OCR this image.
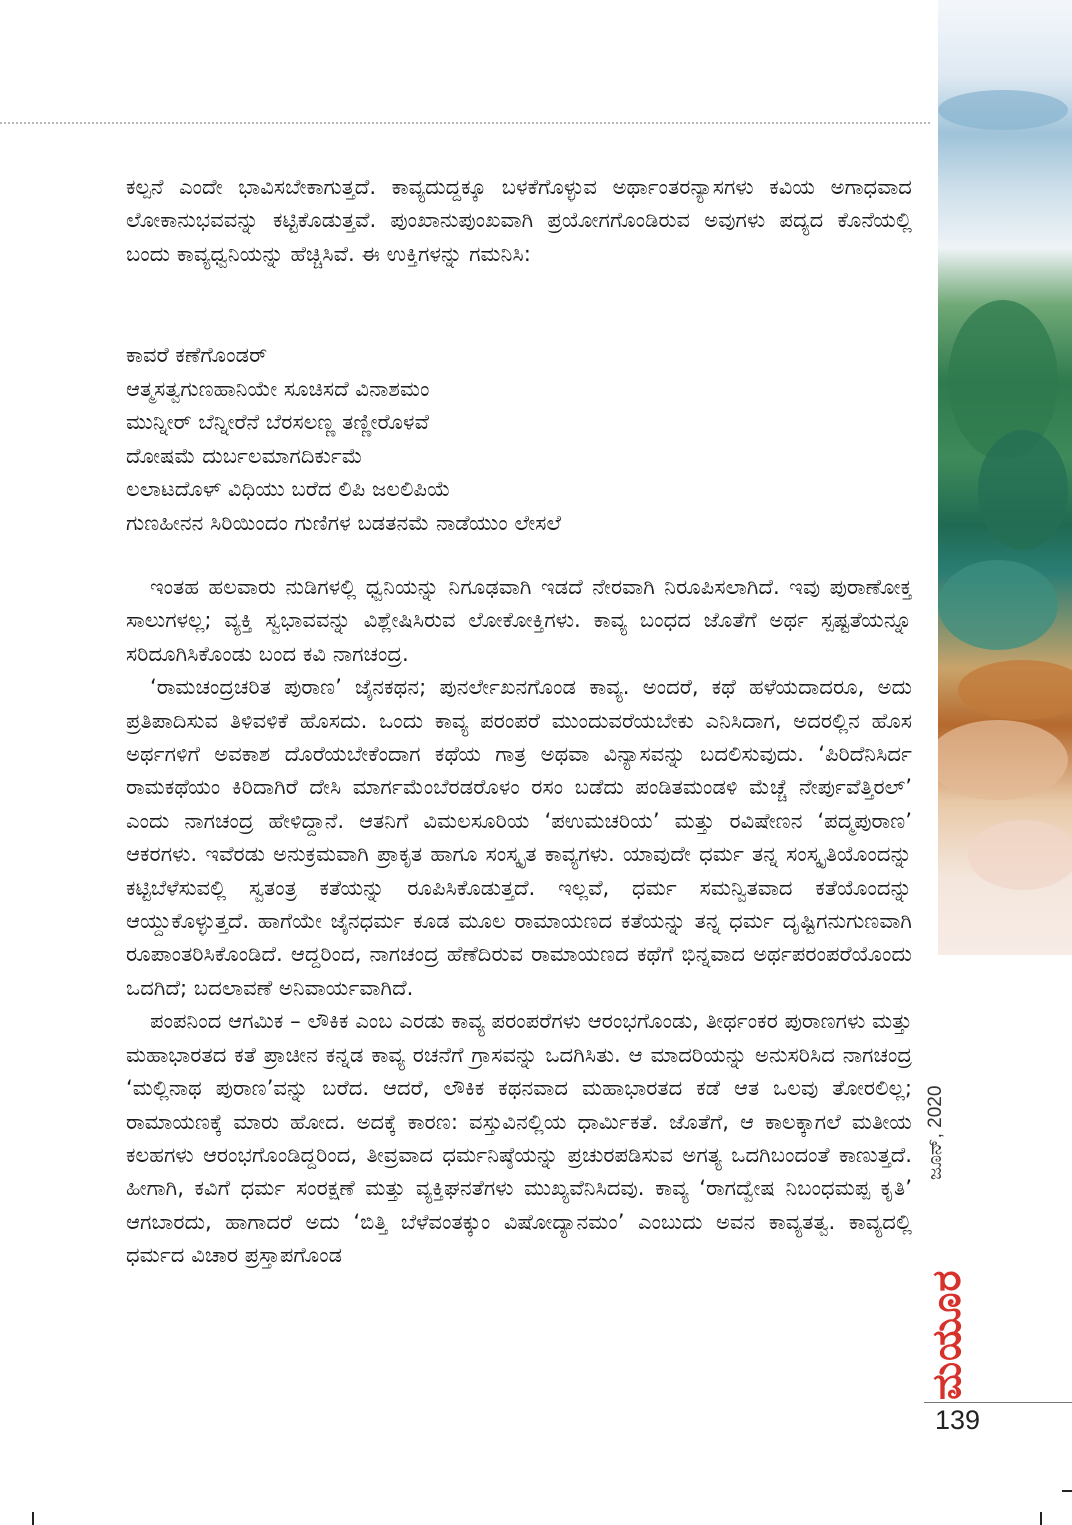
ಕಲ್ಪನೆ ಎಂದೇ ಭಾವಿಸಬೇಕಾಗುತ್ತದೆ. ಕಾವ್ಯದುದ್ದಕ್ಕೂ ಬಳಕೆಗೊಳ್ಳುವ ಅರ್ಥಾಂತರನ್ಯಾಸಗಳು ಕವಿಯ ಅಗಾಧವಾದ ಲೋಕಾನುಭವವನ್ನು ಕಟ್ಟಿಕೊಡುತ್ತವೆ. ಪುಂಖಾನುಪುಂಖವಾಗಿ ಪ್ರಯೋಗಗೊಂಡಿರುವ ಅವುಗಳು ಪದ್ಯದ ಕೊನೆಯಲ್ಲಿ ಬಂದು ಕಾವ್ಯಧ್ವನಿಯನ್ನು ಹೆಚ್ಚಿಸಿವೆ. ಈ ಉಕ್ತಿಗಳನ್ನು ಗಮನಿಸಿ:

ಕಾವರೆ ಕಣೆಗೊಂಡರ್
ಆತ್ಮಸತ್ವಗುಣಹಾನಿಯೇ ಸೂಚಿಸದೆ ವಿನಾಶಮಂ
ಮುನ್ನೀರ್ ಬೆನ್ನೀರೆನೆ ಬೆರಸಲಣ್ಣ ತಣ್ಣೀರೊಳವೆ
ದೋಷಮೆ ದುರ್ಬಲಮಾಗದಿರ್ಕುಮೆ
ಲಲಾಟದೊಳ್ ವಿಧಿಯು ಬರೆದ ಲಿಪಿ ಜಲಲಿಪಿಯೆ
ಗುಣಹೀನನ ಸಿರಿಯಿಂದಂ ಗುಣಿಗಳ ಬಡತನಮೆ ನಾಡೆಯುಂ ಲೇಸಲೆ

ಇಂತಹ ಹಲವಾರು ನುಡಿಗಳಲ್ಲಿ ಧ್ವನಿಯನ್ನು ನಿಗೂಢವಾಗಿ ಇಡದೆ ನೇರವಾಗಿ ನಿರೂಪಿಸಲಾಗಿದೆ. ಇವು ಪುರಾಣೋಕ್ತ ಸಾಲುಗಳಲ್ಲ; ವ್ಯಕ್ತಿ ಸ್ವಭಾವವನ್ನು ವಿಶ್ಲೇಷಿಸಿರುವ ಲೋಕೋಕ್ತಿಗಳು. ಕಾವ್ಯ ಬಂಧದ ಜೊತೆಗೆ ಅರ್ಥ ಸ್ಪಷ್ಟತೆಯನ್ನೂ ಸರಿದೂಗಿಸಿಕೊಂಡು ಬಂದ ಕವಿ ನಾಗಚಂದ್ರ.

‘ರಾಮಚಂದ್ರಚರಿತ ಪುರಾಣ’ ಜೈನಕಥನ; ಪುನರ್ಲೇಖನಗೊಂಡ ಕಾವ್ಯ. ಅಂದರೆ, ಕಥೆ ಹಳೆಯದಾದರೂ, ಅದು ಪ್ರತಿಪಾದಿಸುವ ತಿಳಿವಳಿಕೆ ಹೊಸದು. ಒಂದು ಕಾವ್ಯ ಪರಂಪರೆ ಮುಂದುವರೆಯಬೇಕು ಎನಿಸಿದಾಗ, ಅದರಲ್ಲಿನ ಹೊಸ ಅರ್ಥಗಳಿಗೆ ಅವಕಾಶ ದೊರೆಯಬೇಕೆಂದಾಗ ಕಥೆಯ ಗಾತ್ರ ಅಥವಾ ವಿನ್ಯಾಸವನ್ನು ಬದಲಿಸುವುದು. ‘ಪಿರಿದೆನಿಸಿರ್ದ ರಾಮಕಥೆಯಂ ಕಿರಿದಾಗಿರೆ ದೇಸಿ ಮಾರ್ಗಮೆಂಬೆರಡರೊಳಂ ರಸಂ ಬಡೆದು ಪಂಡಿತಮಂಡಳಿ ಮೆಚ್ಚೆ ನೇರ್ಪುವೆತ್ತಿರಲ್’ ಎಂದು ನಾಗಚಂದ್ರ ಹೇಳಿದ್ದಾನೆ. ಆತನಿಗೆ ವಿಮಲಸೂರಿಯ ‘ಪಉಮಚರಿಯ’ ಮತ್ತು ರವಿಷೇಣನ ‘ಪದ್ಮಪುರಾಣ’ ಆಕರಗಳು. ಇವೆರಡು ಅನುಕ್ರಮವಾಗಿ ಪ್ರಾಕೃತ ಹಾಗೂ ಸಂಸ್ಕೃತ ಕಾವ್ಯಗಳು. ಯಾವುದೇ ಧರ್ಮ ತನ್ನ ಸಂಸ್ಕೃತಿಯೊಂದನ್ನು ಕಟ್ಟಿಬೆಳೆಸುವಲ್ಲಿ ಸ್ವತಂತ್ರ ಕತೆಯನ್ನು ರೂಪಿಸಿಕೊಡುತ್ತದೆ. ಇಲ್ಲವೆ, ಧರ್ಮ ಸಮನ್ವಿತವಾದ ಕತೆಯೊಂದನ್ನು ಆಯ್ದುಕೊಳ್ಳುತ್ತದೆ. ಹಾಗೆಯೇ ಜೈನಧರ್ಮ ಕೂಡ ಮೂಲ ರಾಮಾಯಣದ ಕತೆಯನ್ನು ತನ್ನ ಧರ್ಮ ದೃಷ್ಟಿಗನುಗುಣವಾಗಿ ರೂಪಾಂತರಿಸಿಕೊಂಡಿದೆ. ಆದ್ದರಿಂದ, ನಾಗಚಂದ್ರ ಹೆಣೆದಿರುವ ರಾಮಾಯಣದ ಕಥೆಗೆ ಭಿನ್ನವಾದ ಅರ್ಥಪರಂಪರೆಯೊಂದು ಒದಗಿದೆ; ಬದಲಾವಣೆ ಅನಿವಾರ್ಯವಾಗಿದೆ.

ಪಂಪನಿಂದ ಆಗಮಿಕ – ಲೌಕಿಕ ಎಂಬ ಎರಡು ಕಾವ್ಯ ಪರಂಪರೆಗಳು ಆರಂಭಗೊಂಡು, ತೀರ್ಥಂಕರ ಪುರಾಣಗಳು ಮತ್ತು ಮಹಾಭಾರತದ ಕತೆ ಪ್ರಾಚೀನ ಕನ್ನಡ ಕಾವ್ಯ ರಚನೆಗೆ ಗ್ರಾಸವನ್ನು ಒದಗಿಸಿತು. ಆ ಮಾದರಿಯನ್ನು ಅನುಸರಿಸಿದ ನಾಗಚಂದ್ರ ‘ಮಲ್ಲಿನಾಥ ಪುರಾಣ’ವನ್ನು ಬರೆದ. ಆದರೆ, ಲೌಕಿಕ ಕಥನವಾದ ಮಹಾಭಾರತದ ಕಡೆ ಆತ ಒಲವು ತೋರಲಿಲ್ಲ; ರಾಮಾಯಣಕ್ಕೆ ಮಾರು ಹೋದ. ಅದಕ್ಕೆ ಕಾರಣ: ವಸ್ತುವಿನಲ್ಲಿಯ ಧಾರ್ಮಿಕತೆ. ಜೊತೆಗೆ, ಆ ಕಾಲಕ್ಕಾಗಲೆ ಮತೀಯ ಕಲಹಗಳು ಆರಂಭಗೊಂಡಿದ್ದರಿಂದ, ತೀವ್ರವಾದ ಧರ್ಮನಿಷ್ಠೆಯನ್ನು ಪ್ರಚುರಪಡಿಸುವ ಅಗತ್ಯ ಒದಗಿಬಂದಂತೆ ಕಾಣುತ್ತದೆ. ಹೀಗಾಗಿ, ಕವಿಗೆ ಧರ್ಮ ಸಂರಕ್ಷಣೆ ಮತ್ತು ವ್ಯಕ್ತಿಘನತೆಗಳು ಮುಖ್ಯವೆನಿಸಿದವು. ಕಾವ್ಯ ‘ರಾಗದ್ವೇಷ ನಿಬಂಧಮಪ್ಪ ಕೃತಿ’ ಆಗಬಾರದು, ಹಾಗಾದರೆ ಅದು ‘ಬಿತ್ತಿ ಬೆಳೆವಂತಕ್ಕುಂ ವಿಷೋದ್ಯಾನಮಂ’ ಎಂಬುದು ಅವನ ಕಾವ್ಯತತ್ವ. ಕಾವ್ಯದಲ್ಲಿ ಧರ್ಮದ ವಿಚಾರ ಪ್ರಸ್ತಾಪಗೊಂಡ

ಜೂನ್, 2020
ಮಯೂರ
139
